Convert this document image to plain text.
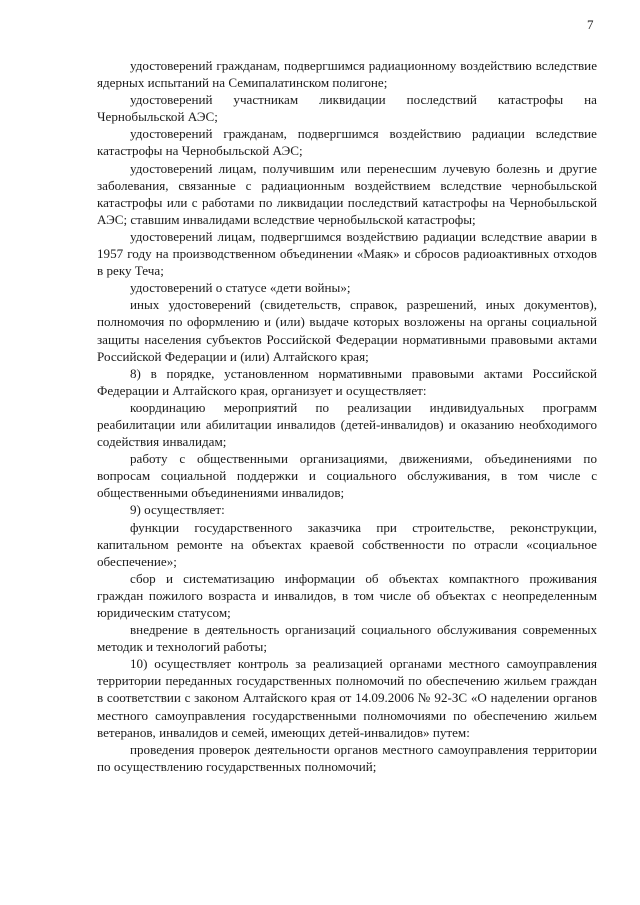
7

удостоверений гражданам, подвергшимся радиационному воздействию вследствие ядерных испытаний на Семипалатинском полигоне;

удостоверений участникам ликвидации последствий катастрофы на Чернобыльской АЭС;

удостоверений гражданам, подвергшимся воздействию радиации вследствие катастрофы на Чернобыльской АЭС;

удостоверений лицам, получившим или перенесшим лучевую болезнь и другие заболевания, связанные с радиационным воздействием вследствие чернобыльской катастрофы или с работами по ликвидации последствий катастрофы на Чернобыльской АЭС; ставшим инвалидами вследствие чернобыльской катастрофы;

удостоверений лицам, подвергшимся воздействию радиации вследствие аварии в 1957 году на производственном объединении «Маяк» и сбросов радиоактивных отходов в реку Теча;

удостоверений о статусе «дети войны»;

иных удостоверений (свидетельств, справок, разрешений, иных документов), полномочия по оформлению и (или) выдаче которых возложены на органы социальной защиты населения субъектов Российской Федерации нормативными правовыми актами Российской Федерации и (или) Алтайского края;

8) в порядке, установленном нормативными правовыми актами Российской Федерации и Алтайского края, организует и осуществляет:

координацию мероприятий по реализации индивидуальных программ реабилитации или абилитации инвалидов (детей-инвалидов) и оказанию необходимого содействия инвалидам;

работу с общественными организациями, движениями, объединениями по вопросам социальной поддержки и социального обслуживания, в том числе с общественными объединениями инвалидов;

9) осуществляет:

функции государственного заказчика при строительстве, реконструкции, капитальном ремонте на объектах краевой собственности по отрасли «социальное обеспечение»;

сбор и систематизацию информации об объектах компактного проживания граждан пожилого возраста и инвалидов, в том числе об объектах с неопределенным юридическим статусом;

внедрение в деятельность организаций социального обслуживания современных методик и технологий работы;

10) осуществляет контроль за реализацией органами местного самоуправления территории переданных государственных полномочий по обеспечению жильем граждан в соответствии с законом Алтайского края от 14.09.2006 № 92-ЗС «О наделении органов местного самоуправления государственными полномочиями по обеспечению жильем ветеранов, инвалидов и семей, имеющих детей-инвалидов» путем:

проведения проверок деятельности органов местного самоуправления территории по осуществлению государственных полномочий;
